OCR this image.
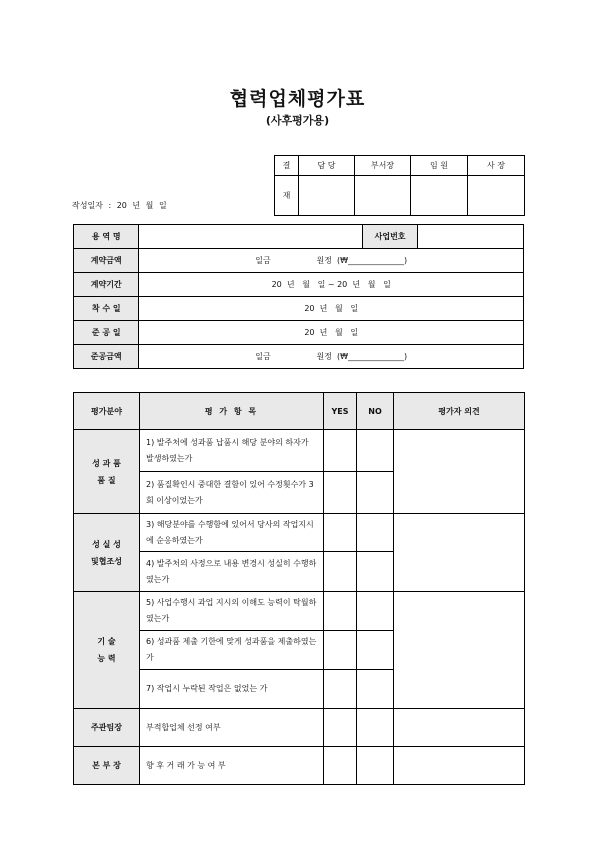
협력업체평가표
(사후평가용)
작성일자 : 20 년 월 일
결	담 당	부서장	임 원	사 장
재				
용 역 명		사업번호	
계약금액	일금                  원정  (₩______________)		
계약기간	20  년   월   일 ~ 20  년   월   일		
착 수 일	20  년   월   일		
준 공 일	20  년   월   일		
준공금액	일금                  원정  (₩______________)		
평가분야	평 가 항 목	YES	NO	평가자 의견

성 과 품
품 질	1) 발주처에 성과품 납품시 해당 분야의 하자가 발생하였는가			
	2) 품질확인시 중대한 결함이 있어 수정횟수가 3회 이상이었는가			

성 실 성
및협조성	3) 해당분야를 수행함에 있어서 당사의 작업지시에 순응하였는가			
	4) 발주처의 사정으로 내용 변경시 성실히 수행하였는가			

기 술
능 력	5) 사업수행시 과업 지시의 이해도 능력이 탁월하였는가			
	6) 성과품 제출 기한에 맞게 성과품을 제출하였는가			
	7) 작업시 누락된 작업은 없었는 가			
주관팀장	부적합업체 선정 여부			
본 부 장	향 후 거 래 가 능 여 부			
